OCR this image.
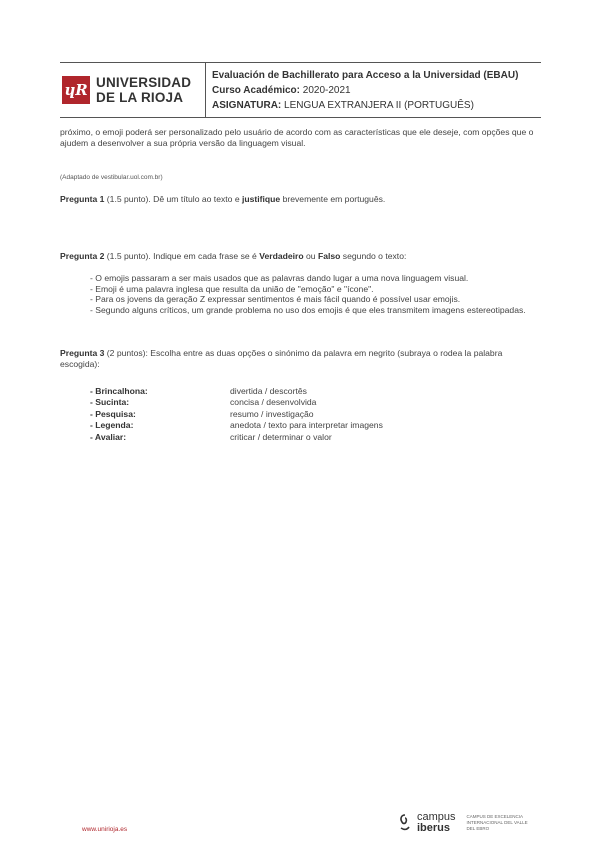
ɥR UNIVERSIDAD
DE LA RIOJA
Evaluación de Bachillerato para Acceso a la Universidad (EBAU)
Curso Académico: 2020-2021
ASIGNATURA: LENGUA EXTRANJERA II (PORTUGUÊS)
próximo, o emoji poderá ser personalizado pelo usuário de acordo com as características que ele deseje, com opções que o ajudem a desenvolver a sua própria versão da linguagem visual.
(Adaptado de vestibular.uol.com.br)
Pregunta 1 (1.5 punto). Dê um título ao texto e justifique brevemente em português.
Pregunta 2 (1.5 punto). Indique em cada frase se é Verdadeiro ou Falso segundo o texto:
- O emojis passaram a ser mais usados que as palavras dando lugar a uma nova linguagem visual.
- Emoji é uma palavra inglesa que resulta da união de "emoção" e "ícone".
- Para os jovens da geração Z expressar sentimentos é mais fácil quando é possível usar emojis.
- Segundo alguns críticos, um grande problema no uso dos emojis é que eles transmitem imagens estereotipadas.
Pregunta 3 (2 puntos): Escolha entre as duas opções o sinónimo da palavra em negrito (subraya o rodea la palabra escogida):
- Brincalhona:	divertida / descortês
- Sucinta:	concisa / desenvolvida
- Pesquisa:	resumo / investigação
- Legenda:	anedota / texto para interpretar imagens
- Avaliar:	criticar / determinar o valor
www.unirioja.es
campus
iberus
CAMPUS DE EXCELENCIA INTERNACIONAL DEL VALLE DEL EBRO
